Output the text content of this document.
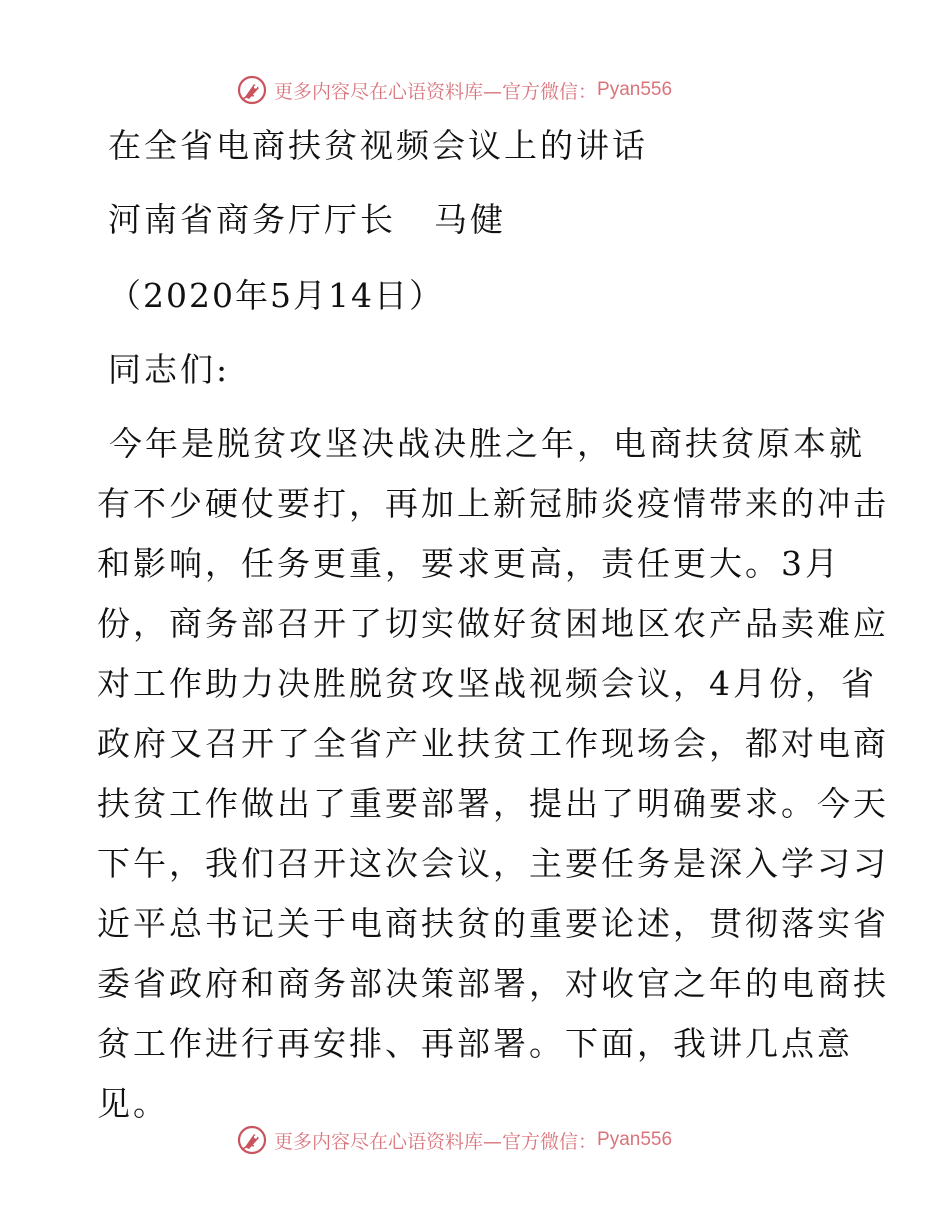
更多内容尽在心语资料库—官方微信： Pyan556
在全省电商扶贫视频会议上的讲话
河南省商务厅厅长 马健
（2020年5月14日）
同志们:
今年是脱贫攻坚决战决胜之年，电商扶贫原本就
有不少硬仗要打，再加上新冠肺炎疫情带来的冲击
和影响，任务更重，要求更高，责任更大。3月
份，商务部召开了切实做好贫困地区农产品卖难应
对工作助力决胜脱贫攻坚战视频会议，4月份，省
政府又召开了全省产业扶贫工作现场会，都对电商
扶贫工作做出了重要部署，提出了明确要求。今天
下午，我们召开这次会议，主要任务是深入学习习
近平总书记关于电商扶贫的重要论述，贯彻落实省
委省政府和商务部决策部署，对收官之年的电商扶
贫工作进行再安排、再部署。下面，我讲几点意
见。
更多内容尽在心语资料库—官方微信： Pyan556
